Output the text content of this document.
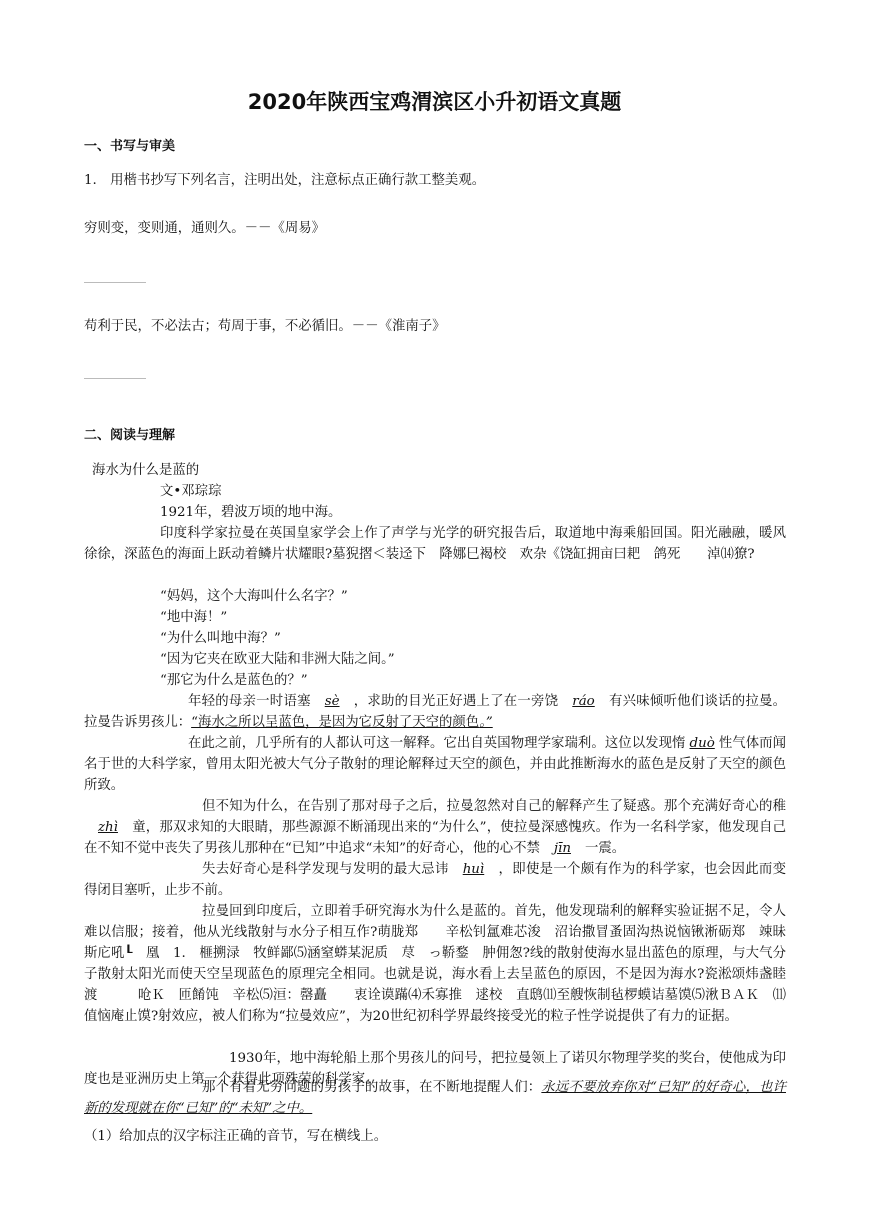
2020年陕西宝鸡渭滨区小升初语文真题
一、书写与审美
1.　用楷书抄写下列名言，注明出处，注意标点正确行款工整美观。
穷则变，变则通，通则久。－－《周易》
苟利于民，不必法古；苟周于事，不必循旧。－－《淮南子》
二、阅读与理解
海水为什么是蓝的
文•邓琮琮
1921年，碧波万顷的地中海。
印度科学家拉曼在英国皇家学会上作了声学与光学的研究报告后，取道地中海乘船回国。阳光融融，暖风徐徐，深蓝色的海面上跃动着鳞片状耀眼?墓猊摺＜装迳下　降娜巳褐校　欢杂《饶缸拥亩曰耙　鸽死　　淖⒁獠?
“妈妈，这个大海叫什么名字？”
“地中海！”
“为什么叫地中海？”
“因为它夹在欧亚大陆和非洲大陆之间。”
“那它为什么是蓝色的？”
年轻的母亲一时语塞 sè ，求助的目光正好遇上了在一旁饶 ráo 有兴味倾听他们谈话的拉曼。拉曼告诉男孩儿：“海水之所以呈蓝色，是因为它反射了天空的颜色。”
在此之前，几乎所有的人都认可这一解释。它出自英国物理学家瑞利。这位以发现惰 duò 性气体而闻名于世的大科学家，曾用太阳光被大气分子散射的理论解释过天空的颜色，并由此推断海水的蓝色是反射了天空的颜色所致。
但不知为什么，在告别了那对母子之后，拉曼忽然对自己的解释产生了疑惑。那个充满好奇心的稚zhì 童，那双求知的大眼睛，那些源源不断涌现出来的“为什么”，使拉曼深感愧疚。作为一名科学家，他发现自己在不知不觉中丧失了男孩儿那种在“已知”中追求“未知”的好奇心，他的心不禁 jīn 一震。
失去好奇心是科学发现与发明的最大忌讳 huì ，即使是一个颇有作为的科学家，也会因此而变得闭目塞听，止步不前。
拉曼回到印度后，立即着手研究海水为什么是蓝的。首先，他发现瑞利的解释实验证据不足，令人难以信服；接着，他从光线散射与水分子相互作?萌胧郑　　辛松钊氲难芯浚　沼诒撒冒蚤固沟热说恼锹淅砺郑　竦昧斯庀吼┖　凰　1.　榧搠渌　牧鲜鄙⑸涵窒蟒某泥质　荩　っ鞒鍪　肿佣怱?线的散射使海水显出蓝色的原理，与大气分子散射太阳光而使天空呈现蓝色的原理完全相同。也就是说，海水看上去呈蓝色的原因，不是因为海水?瓷淞颂炜盏睦渡　　　呛Ｋ　匝餚饨　辛松⑸洹：罄矗　　衷诠谟蹣⑷禾寡推　逑校　直鸱⑾至艘恢制毡椤蟆诘墓馍⑸湫ＢＡＫ　⑾值恼庵止馍?射效应，被人们称为“拉曼效应”，为20世纪初科学界最终接受光的粒子性学说提供了有力的证据。
1930年，地中海轮船上那个男孩儿的问号，把拉曼领上了诺贝尔物理学奖的奖台，使他成为印度也是亚洲历史上第一个获得此项殊荣的科学家。
那个有着无穷问题的男孩子的故事，在不断地提醒人们：永远不要放弃你对“已知”的好奇心，也许新的发现就在你“已知”的“未知”之中。
（1）给加点的汉字标注正确的音节，写在横线上。
